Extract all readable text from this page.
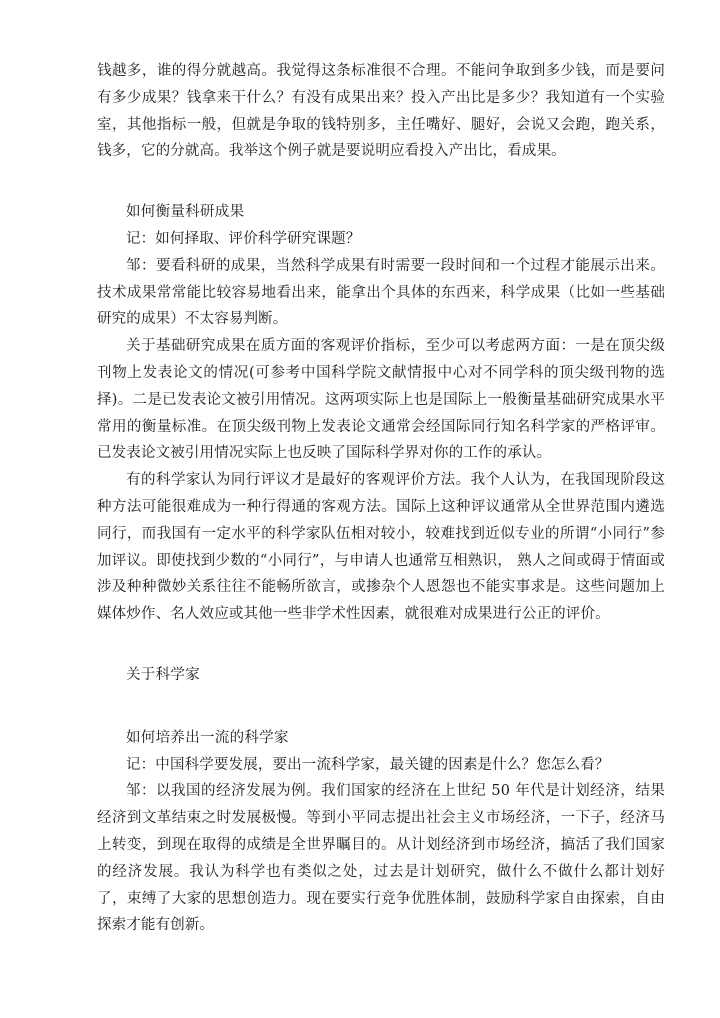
钱越多，谁的得分就越高。我觉得这条标准很不合理。不能问争取到多少钱，而是要问有多少成果？钱拿来干什么？有没有成果出来？投入产出比是多少？我知道有一个实验室，其他指标一般，但就是争取的钱特别多，主任嘴好、腿好，会说又会跑，跑关系，钱多，它的分就高。我举这个例子就是要说明应看投入产出比，看成果。

如何衡量科研成果

记：如何择取、评价科学研究课题？

邹：要看科研的成果，当然科学成果有时需要一段时间和一个过程才能展示出来。技术成果常常能比较容易地看出来，能拿出个具体的东西来，科学成果（比如一些基础研究的成果）不太容易判断。

关于基础研究成果在质方面的客观评价指标，至少可以考虑两方面：一是在顶尖级刊物上发表论文的情况(可参考中国科学院文献情报中心对不同学科的顶尖级刊物的选择)。二是已发表论文被引用情况。这两项实际上也是国际上一般衡量基础研究成果水平常用的衡量标准。在顶尖级刊物上发表论文通常会经国际同行知名科学家的严格评审。已发表论文被引用情况实际上也反映了国际科学界对你的工作的承认。

有的科学家认为同行评议才是最好的客观评价方法。我个人认为，在我国现阶段这种方法可能很难成为一种行得通的客观方法。国际上这种评议通常从全世界范围内遴选同行，而我国有一定水平的科学家队伍相对较小，较难找到近似专业的所谓“小同行”参加评议。即使找到少数的“小同行”，与申请人也通常互相熟识， 熟人之间或碍于情面或涉及种种微妙关系往往不能畅所欲言，或掺杂个人恩怨也不能实事求是。这些问题加上媒体炒作、名人效应或其他一些非学术性因素，就很难对成果进行公正的评价。

关于科学家

如何培养出一流的科学家

记：中国科学要发展，要出一流科学家，最关键的因素是什么？您怎么看？

邹：以我国的经济发展为例。我们国家的经济在上世纪 50 年代是计划经济，结果经济到文革结束之时发展极慢。等到小平同志提出社会主义市场经济，一下子，经济马上转变，到现在取得的成绩是全世界瞩目的。从计划经济到市场经济，搞活了我们国家的经济发展。我认为科学也有类似之处，过去是计划研究，做什么不做什么都计划好了，束缚了大家的思想创造力。现在要实行竞争优胜体制，鼓励科学家自由探索，自由探索才能有创新。
